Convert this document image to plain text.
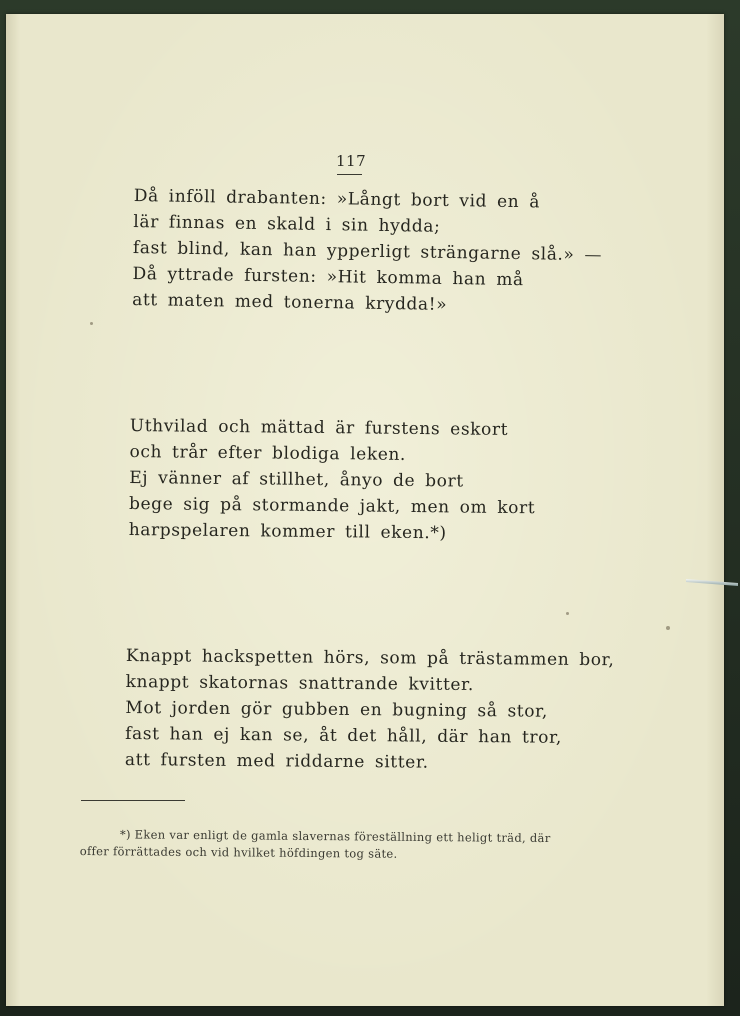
117
Då inföll drabanten: »Långt bort vid en å
lär finnas en skald i sin hydda;
fast blind, kan han ypperligt strängarne slå.» —
Då yttrade fursten: »Hit komma han må
att maten med tonerna krydda!»
Uthvilad och mättad är furstens eskort
och trår efter blodiga leken.
Ej vänner af stillhet, ånyo de bort
bege sig på stormande jakt, men om kort
harpspelaren kommer till eken.*)
Knappt hackspetten hörs, som på trästammen bor,
knappt skatornas snattrande kvitter.
Mot jorden gör gubben en bugning så stor,
fast han ej kan se, åt det håll, där han tror,
att fursten med riddarne sitter.
*) Eken var enligt de gamla slavernas föreställning ett heligt träd, där
offer förrättades och vid hvilket höfdingen tog säte.
